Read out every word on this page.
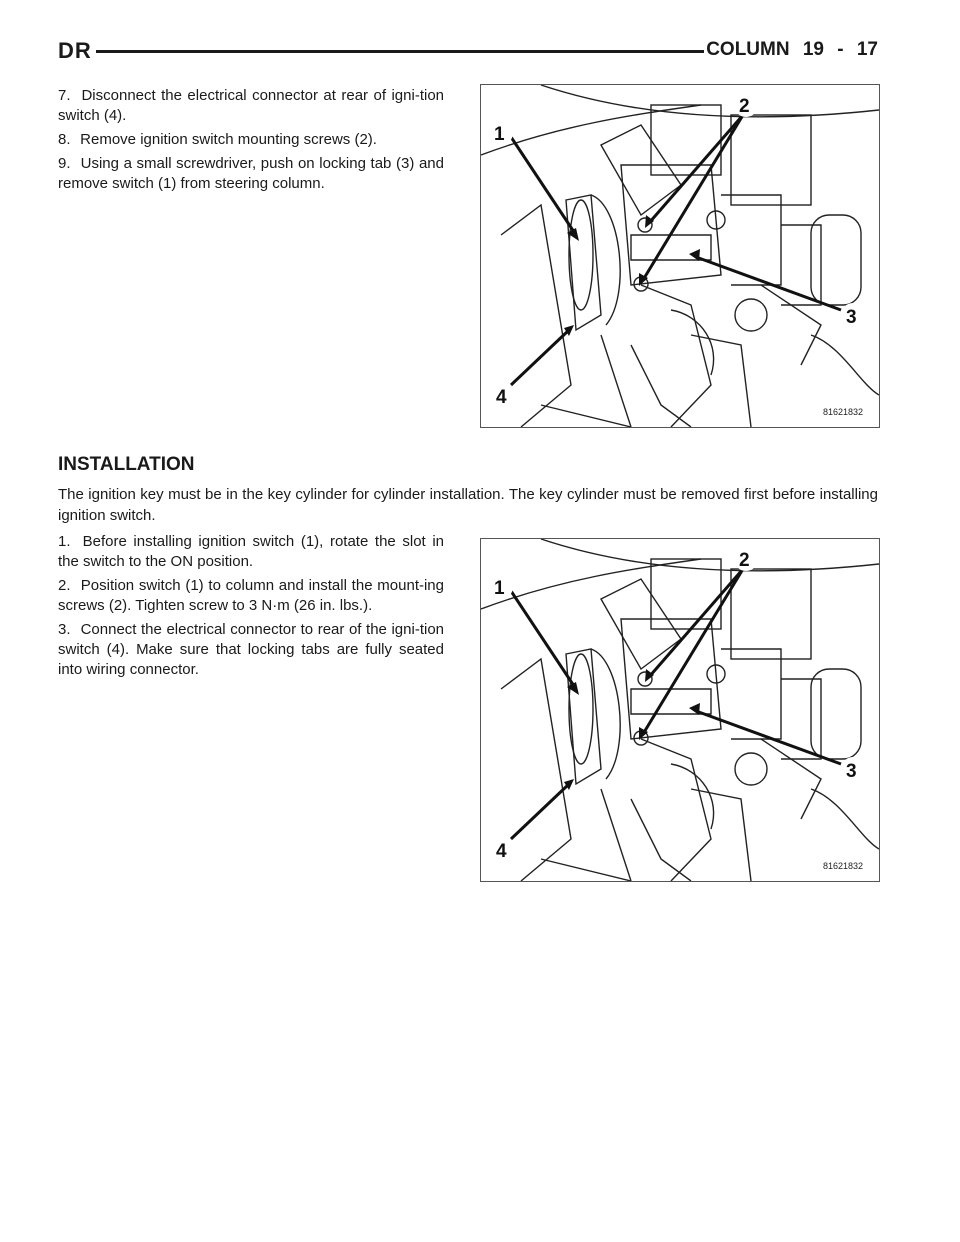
DR	COLUMN 19 - 17
7. Disconnect the electrical connector at rear of igni-tion switch (4).
8. Remove ignition switch mounting screws (2).
9. Using a small screwdriver, push on locking tab (3) and remove switch (1) from steering column.
1
2
3
4
81621832
INSTALLATION
The ignition key must be in the key cylinder for cylinder installation. The key cylinder must be removed first before installing ignition switch.
1. Before installing ignition switch (1), rotate the slot in the switch to the ON position.
2. Position switch (1) to column and install the mount-ing screws (2). Tighten screw to 3 N·m (26 in. lbs.).
3. Connect the electrical connector to rear of the igni-tion switch (4). Make sure that locking tabs are fully seated into wiring connector.
1
2
3
4
81621832
